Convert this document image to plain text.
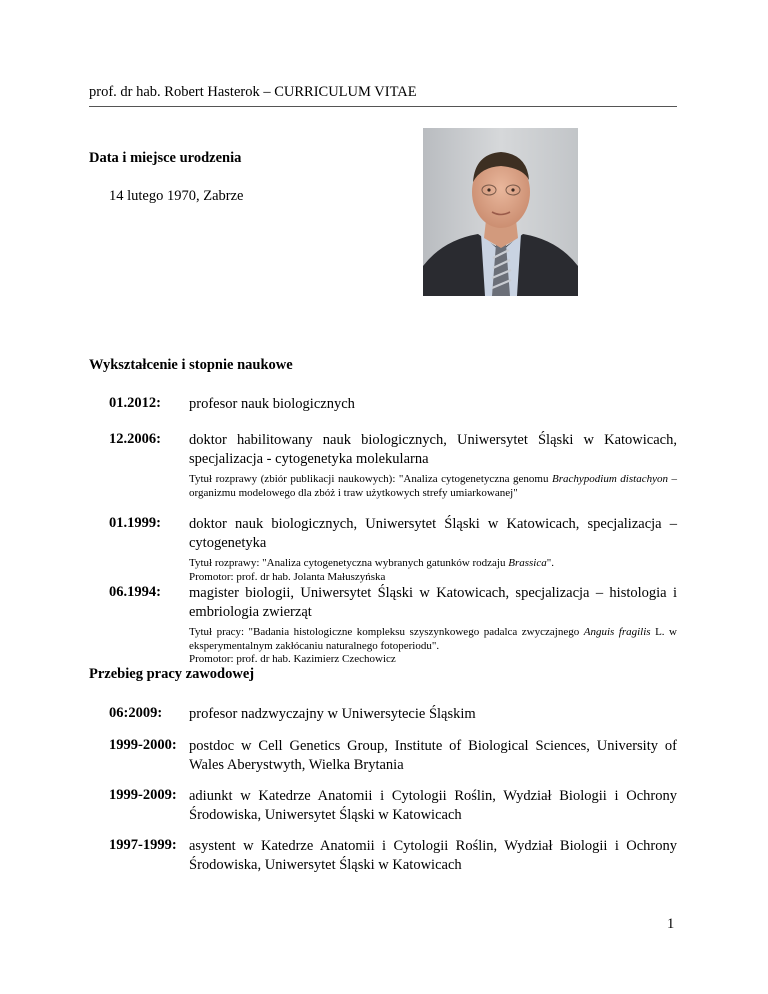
prof. dr hab. Robert Hasterok – CURRICULUM VITAE
Data i miejsce urodzenia
14 lutego 1970, Zabrze
Wykształcenie i stopnie naukowe
01.2012: profesor nauk biologicznych
12.2006: doktor habilitowany nauk biologicznych, Uniwersytet Śląski w Katowicach, specjalizacja - cytogenetyka molekularna
Tytuł rozprawy (zbiór publikacji naukowych): "Analiza cytogenetyczna genomu Brachypodium distachyon – organizmu modelowego dla zbóż i traw użytkowych strefy umiarkowanej"
01.1999: doktor nauk biologicznych, Uniwersytet Śląski w Katowicach, specjalizacja – cytogenetyka
Tytuł rozprawy: "Analiza cytogenetyczna wybranych gatunków rodzaju Brassica".
Promotor: prof. dr hab. Jolanta Małuszyńska
06.1994: magister biologii, Uniwersytet Śląski w Katowicach, specjalizacja – histologia i embriologia zwierząt
Tytuł pracy: "Badania histologiczne kompleksu szyszynkowego padalca zwyczajnego Anguis fragilis L. w eksperymentalnym zakłócaniu naturalnego fotoperiodu".
Promotor: prof. dr hab. Kazimierz Czechowicz
Przebieg pracy zawodowej
06:2009: profesor nadzwyczajny w Uniwersytecie Śląskim
1999-2000: postdoc w Cell Genetics Group, Institute of Biological Sciences, University of Wales Aberystwyth, Wielka Brytania
1999-2009: adiunkt w Katedrze Anatomii i Cytologii Roślin, Wydział Biologii i Ochrony Środowiska, Uniwersytet Śląski w Katowicach
1997-1999: asystent w Katedrze Anatomii i Cytologii Roślin, Wydział Biologii i Ochrony Środowiska, Uniwersytet Śląski w Katowicach
1
